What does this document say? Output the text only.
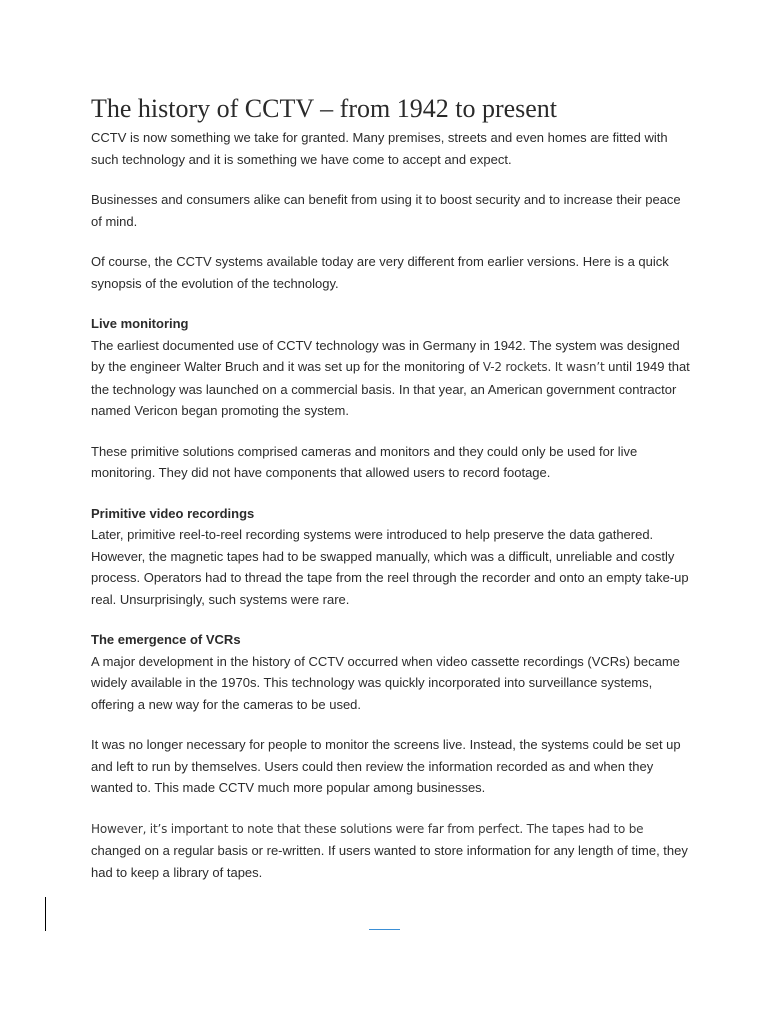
The history of CCTV – from 1942 to present

CCTV is now something we take for granted. Many premises, streets and even homes are fitted with such technology and it is something we have come to accept and expect.

Businesses and consumers alike can benefit from using it to boost security and to increase their peace of mind.

Of course, the CCTV systems available today are very different from earlier versions. Here is a quick synopsis of the evolution of the technology.

Live monitoring

The earliest documented use of CCTV technology was in Germany in 1942. The system was designed by the engineer Walter Bruch and it was set up for the monitoring of V-2 rockets. It wasn’t until 1949 that the technology was launched on a commercial basis. In that year, an American government contractor named Vericon began promoting the system.

These primitive solutions comprised cameras and monitors and they could only be used for live monitoring. They did not have components that allowed users to record footage.

Primitive video recordings

Later, primitive reel-to-reel recording systems were introduced to help preserve the data gathered. However, the magnetic tapes had to be swapped manually, which was a difficult, unreliable and costly process. Operators had to thread the tape from the reel through the recorder and onto an empty take-up real. Unsurprisingly, such systems were rare.

The emergence of VCRs

A major development in the history of CCTV occurred when video cassette recordings (VCRs) became widely available in the 1970s. This technology was quickly incorporated into surveillance systems, offering a new way for the cameras to be used.

It was no longer necessary for people to monitor the screens live. Instead, the systems could be set up and left to run by themselves. Users could then review the information recorded as and when they wanted to. This made CCTV much more popular among businesses.

However, it’s important to note that these solutions were far from perfect. The tapes had to be changed on a regular basis or re-written. If users wanted to store information for any length of time, they had to keep a library of tapes.
